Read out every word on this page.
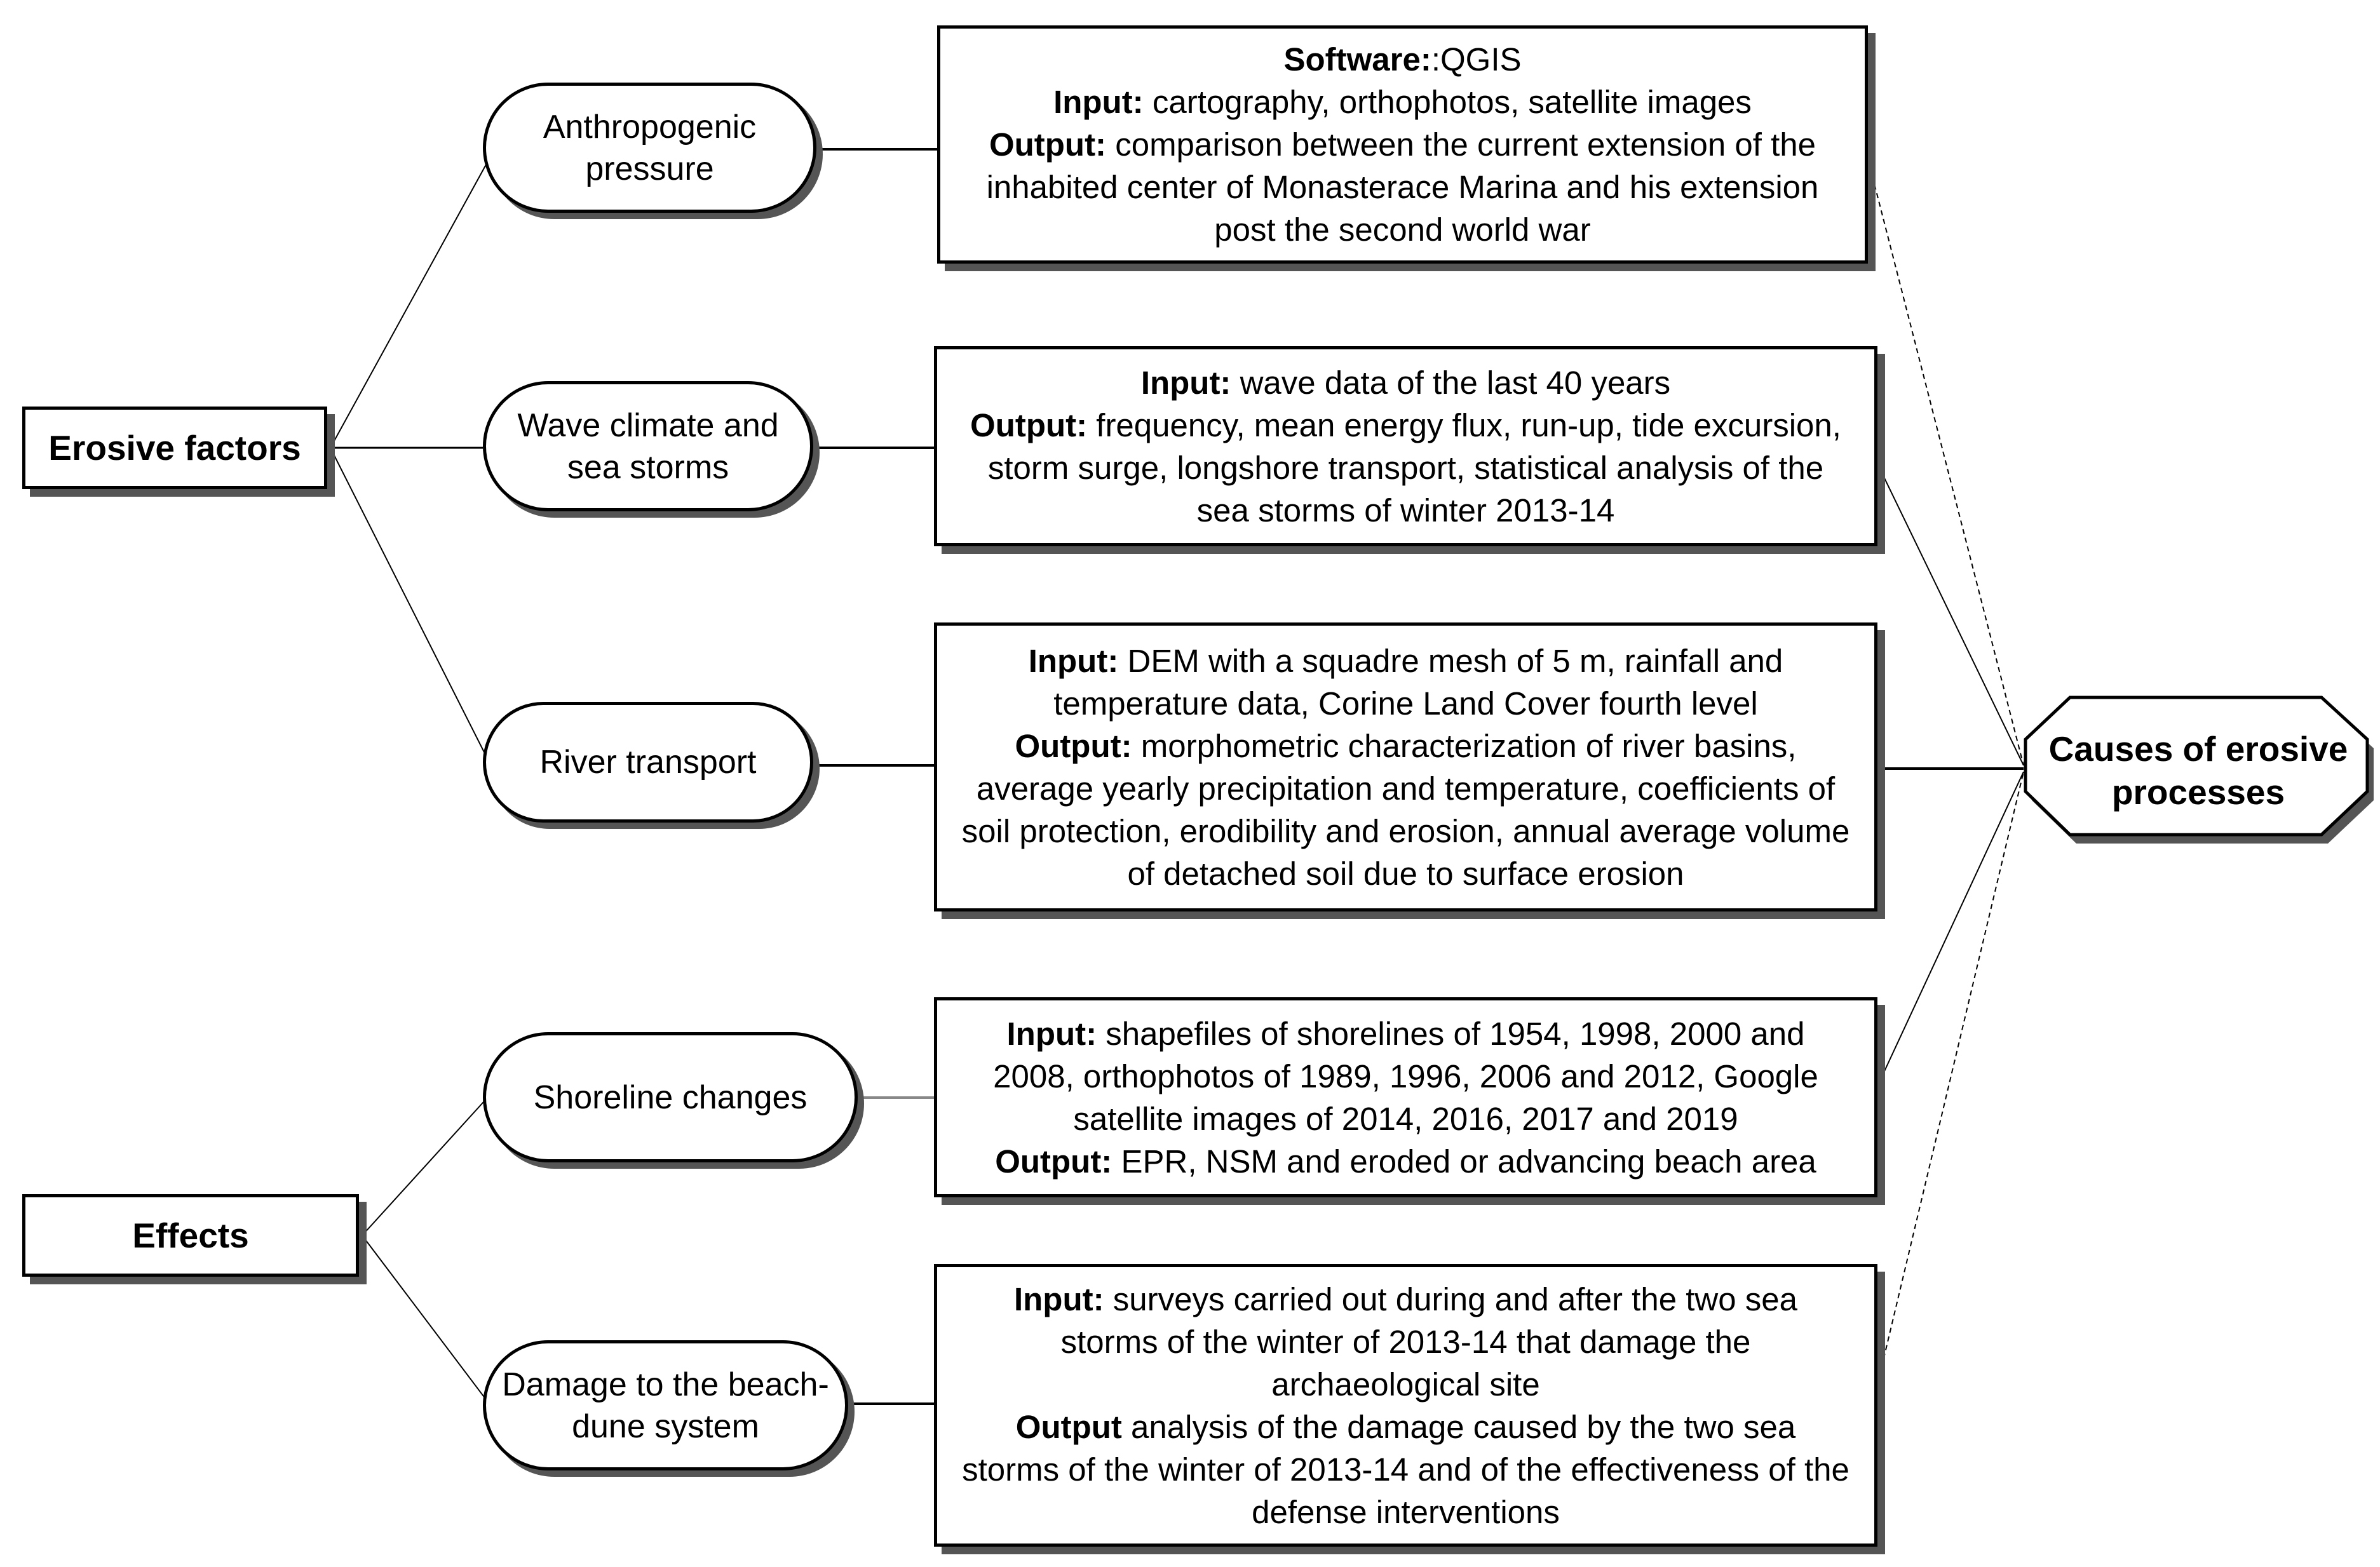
Erosive factors
Effects
Anthropogenic
pressure
Wave climate and
sea storms
River transport
Shoreline changes
Damage to the beach-
dune system
Software::QGIS
Input: cartography, orthophotos, satellite images
Output: comparison between the current extension of the
inhabited center of Monasterace Marina and his extension
post the second world war
Input: wave data of the last 40 years
Output: frequency, mean energy flux, run-up, tide excursion,
storm surge, longshore transport, statistical analysis of the
sea storms of winter 2013-14
Input: DEM with a squadre mesh of 5 m, rainfall and
temperature data, Corine Land Cover fourth level
Output: morphometric characterization of river basins,
average yearly precipitation and temperature, coefficients of
soil protection, erodibility and erosion, annual average volume
of detached soil due to surface erosion
Input: shapefiles of shorelines of 1954, 1998, 2000 and
2008, orthophotos of 1989, 1996, 2006 and 2012, Google
satellite images of 2014, 2016, 2017 and 2019
Output: EPR, NSM and eroded or advancing beach area
Input: surveys carried out during and after the two sea
storms of the winter of 2013-14 that damage the
archaeological site
Output analysis of the damage caused by the two sea
storms of the winter of 2013-14 and of the effectiveness of the
defense interventions
Causes of erosive
processes
